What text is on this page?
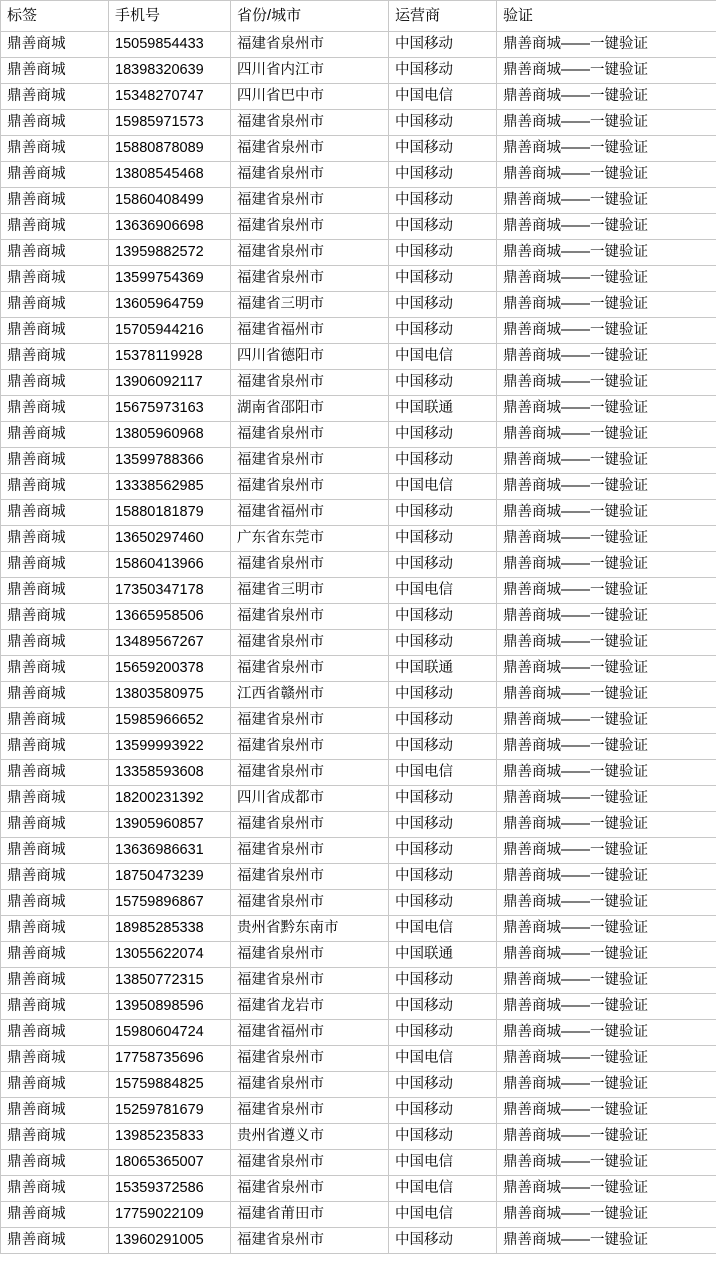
标签	手机号	省份/城市	运营商	验证
鼎善商城	15059854433	福建省泉州市	中国移动	鼎善商城——一键验证
鼎善商城	18398320639	四川省内江市	中国移动	鼎善商城——一键验证
鼎善商城	15348270747	四川省巴中市	中国电信	鼎善商城——一键验证
鼎善商城	15985971573	福建省泉州市	中国移动	鼎善商城——一键验证
鼎善商城	15880878089	福建省泉州市	中国移动	鼎善商城——一键验证
鼎善商城	13808545468	福建省泉州市	中国移动	鼎善商城——一键验证
鼎善商城	15860408499	福建省泉州市	中国移动	鼎善商城——一键验证
鼎善商城	13636906698	福建省泉州市	中国移动	鼎善商城——一键验证
鼎善商城	13959882572	福建省泉州市	中国移动	鼎善商城——一键验证
鼎善商城	13599754369	福建省泉州市	中国移动	鼎善商城——一键验证
鼎善商城	13605964759	福建省三明市	中国移动	鼎善商城——一键验证
鼎善商城	15705944216	福建省福州市	中国移动	鼎善商城——一键验证
鼎善商城	15378119928	四川省德阳市	中国电信	鼎善商城——一键验证
鼎善商城	13906092117	福建省泉州市	中国移动	鼎善商城——一键验证
鼎善商城	15675973163	湖南省邵阳市	中国联通	鼎善商城——一键验证
鼎善商城	13805960968	福建省泉州市	中国移动	鼎善商城——一键验证
鼎善商城	13599788366	福建省泉州市	中国移动	鼎善商城——一键验证
鼎善商城	13338562985	福建省泉州市	中国电信	鼎善商城——一键验证
鼎善商城	15880181879	福建省福州市	中国移动	鼎善商城——一键验证
鼎善商城	13650297460	广东省东莞市	中国移动	鼎善商城——一键验证
鼎善商城	15860413966	福建省泉州市	中国移动	鼎善商城——一键验证
鼎善商城	17350347178	福建省三明市	中国电信	鼎善商城——一键验证
鼎善商城	13665958506	福建省泉州市	中国移动	鼎善商城——一键验证
鼎善商城	13489567267	福建省泉州市	中国移动	鼎善商城——一键验证
鼎善商城	15659200378	福建省泉州市	中国联通	鼎善商城——一键验证
鼎善商城	13803580975	江西省赣州市	中国移动	鼎善商城——一键验证
鼎善商城	15985966652	福建省泉州市	中国移动	鼎善商城——一键验证
鼎善商城	13599993922	福建省泉州市	中国移动	鼎善商城——一键验证
鼎善商城	13358593608	福建省泉州市	中国电信	鼎善商城——一键验证
鼎善商城	18200231392	四川省成都市	中国移动	鼎善商城——一键验证
鼎善商城	13905960857	福建省泉州市	中国移动	鼎善商城——一键验证
鼎善商城	13636986631	福建省泉州市	中国移动	鼎善商城——一键验证
鼎善商城	18750473239	福建省泉州市	中国移动	鼎善商城——一键验证
鼎善商城	15759896867	福建省泉州市	中国移动	鼎善商城——一键验证
鼎善商城	18985285338	贵州省黔东南市	中国电信	鼎善商城——一键验证
鼎善商城	13055622074	福建省泉州市	中国联通	鼎善商城——一键验证
鼎善商城	13850772315	福建省泉州市	中国移动	鼎善商城——一键验证
鼎善商城	13950898596	福建省龙岩市	中国移动	鼎善商城——一键验证
鼎善商城	15980604724	福建省福州市	中国移动	鼎善商城——一键验证
鼎善商城	17758735696	福建省泉州市	中国电信	鼎善商城——一键验证
鼎善商城	15759884825	福建省泉州市	中国移动	鼎善商城——一键验证
鼎善商城	15259781679	福建省泉州市	中国移动	鼎善商城——一键验证
鼎善商城	13985235833	贵州省遵义市	中国移动	鼎善商城——一键验证
鼎善商城	18065365007	福建省泉州市	中国电信	鼎善商城——一键验证
鼎善商城	15359372586	福建省泉州市	中国电信	鼎善商城——一键验证
鼎善商城	17759022109	福建省莆田市	中国电信	鼎善商城——一键验证
鼎善商城	13960291005	福建省泉州市	中国移动	鼎善商城——一键验证
